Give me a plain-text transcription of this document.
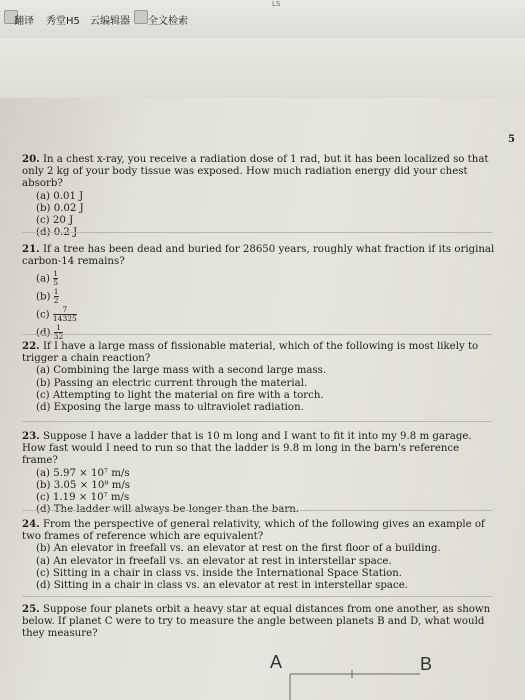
翻译 秀堂H5 云编辑器 全文检索
LS
5

20. In a chest x-ray, you receive a radiation dose of 1 rad, but it has been localized so that only 2 kg of your body tissue was exposed. How much radiation energy did your chest absorb?

(a) 0.01 J

(b) 0.02 J

(c) 20 J

(d) 0.2 J

21. If a tree has been dead and buried for 28650 years, roughly what fraction if its original carbon-14 remains?

$(a) \frac{1}{5}$

$(b) \frac{1}{2}$

$(c) \frac{7}{14325}$

$(d) \frac{1}{32}$

22. If I have a large mass of fissionable material, which of the following is most likely to trigger a chain reaction?

(a) Combining the large mass with a second large mass.

(b) Passing an electric current through the material.

(c) Attempting to light the material on fire with a torch.

(d) Exposing the large mass to ultraviolet radiation.

23. Suppose I have a ladder that is 10 m long and I want to fit it into my 9.8 m garage. How fast would I need to run so that the ladder is 9.8 m long in the barn's reference frame?

(a) 5.97 × 10⁷ m/s

(b) 3.05 × 10⁸ m/s

(c) 1.19 × 10⁷ m/s

(d) The ladder will always be longer than the barn.

24. From the perspective of general relativity, which of the following gives an example of two frames of reference which are equivalent?

(b) An elevator in freefall vs. an elevator at rest on the first floor of a building.

(a) An elevator in freefall vs. an elevator at rest in interstellar space.

(c) Sitting in a chair in class vs. inside the International Space Station.

(d) Sitting in a chair in class vs. an elevator at rest in interstellar space.

25. Suppose four planets orbit a heavy star at equal distances from one another, as shown below. If planet C were to try to measure the angle between planets B and D, what would they measure?

A	B
